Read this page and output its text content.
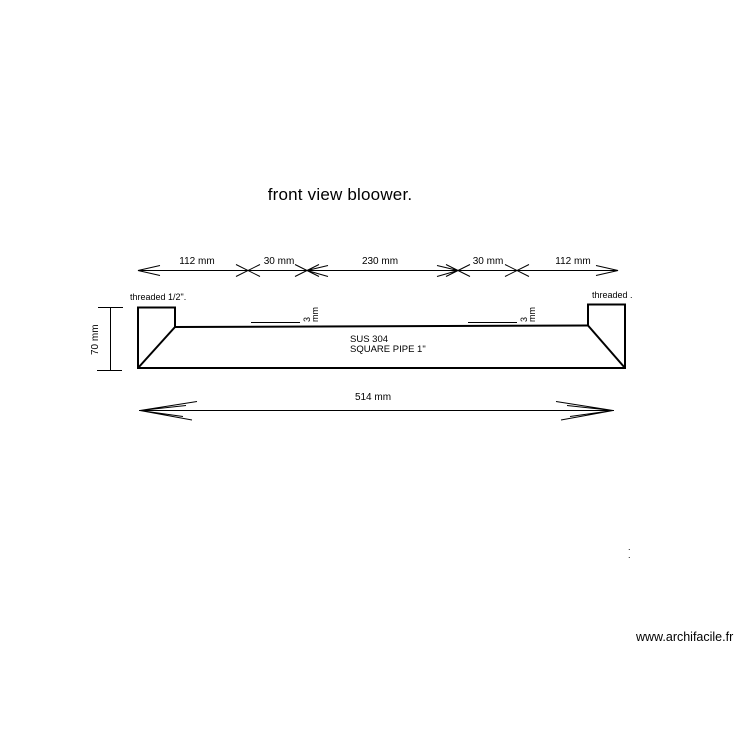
front view bloower.
112 mm	30 mm	230 mm	30 mm	112 mm
threaded 1/2".	threaded .
3 mm	3 mm
70 mm	SUS 304
SQUARE PIPE 1"
514 mm
.
.
www.archifacile.fr
